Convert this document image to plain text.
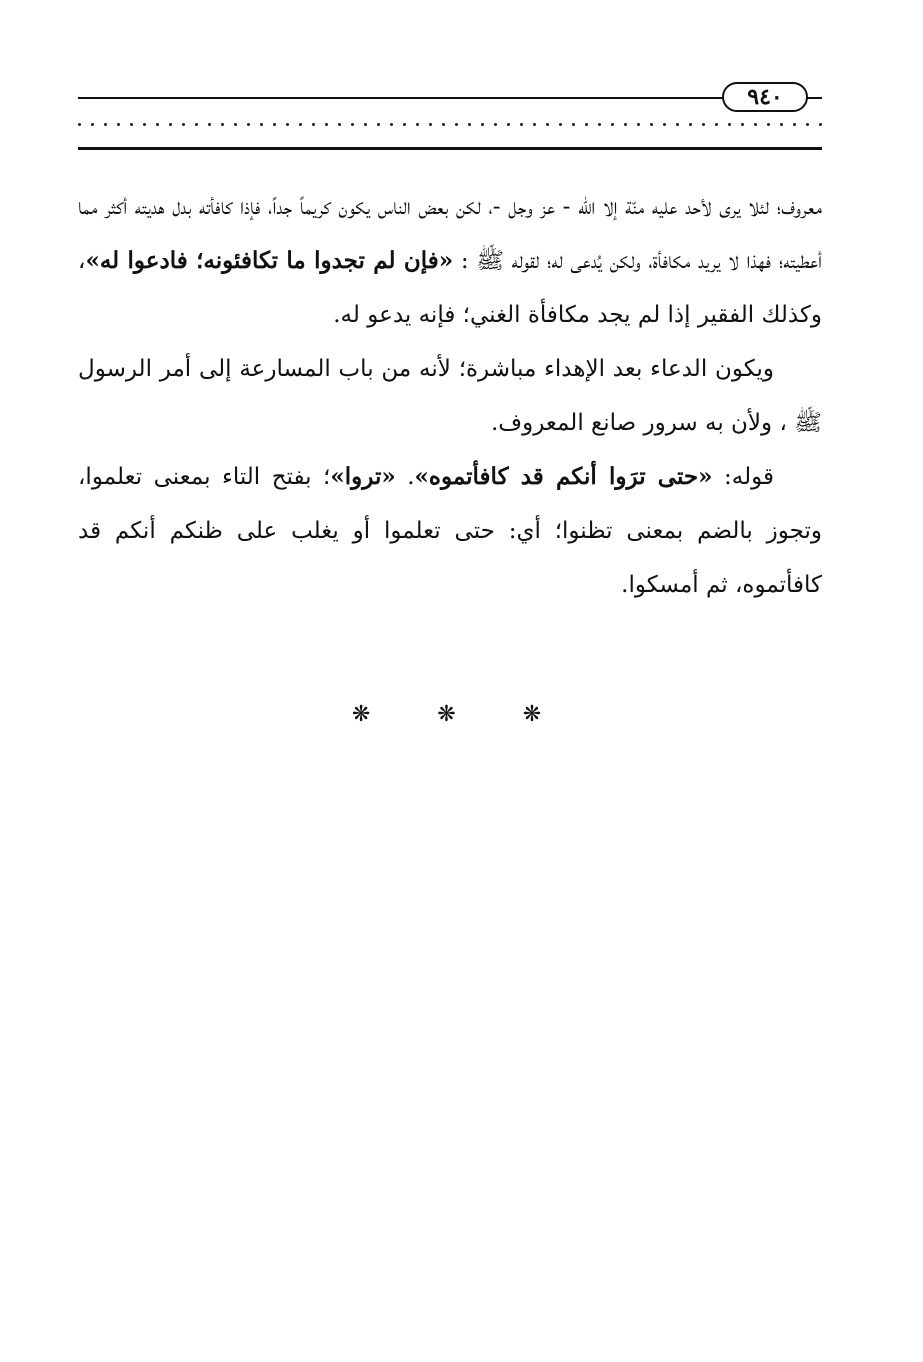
٩٤٠

معروف؛ لئلا يرى لأحد عليه منّة إلا الله - عز وجل -، لكن بعض الناس يكون كريماً جداً، فإذا كافأته بدل هديته أكثر مما أعطيته؛ فهذا لا يريد مكافأة، ولكن يُدعى له؛ لقوله ﷺ : «فإن لم تجدوا ما تكافئونه؛ فادعوا له»، وكذلك الفقير إذا لم يجد مكافأة الغني؛ فإنه يدعو له.

ويكون الدعاء بعد الإهداء مباشرة؛ لأنه من باب المسارعة إلى أمر الرسول ﷺ ، ولأن به سرور صانع المعروف.

قوله: «حتى ترَوا أنكم قد كافأتموه». «تروا»؛ بفتح التاء بمعنى تعلموا، وتجوز بالضم بمعنى تظنوا؛ أي: حتى تعلموا أو يغلب على ظنكم أنكم قد كافأتموه، ثم أمسكوا.

❋ ❋ ❋
